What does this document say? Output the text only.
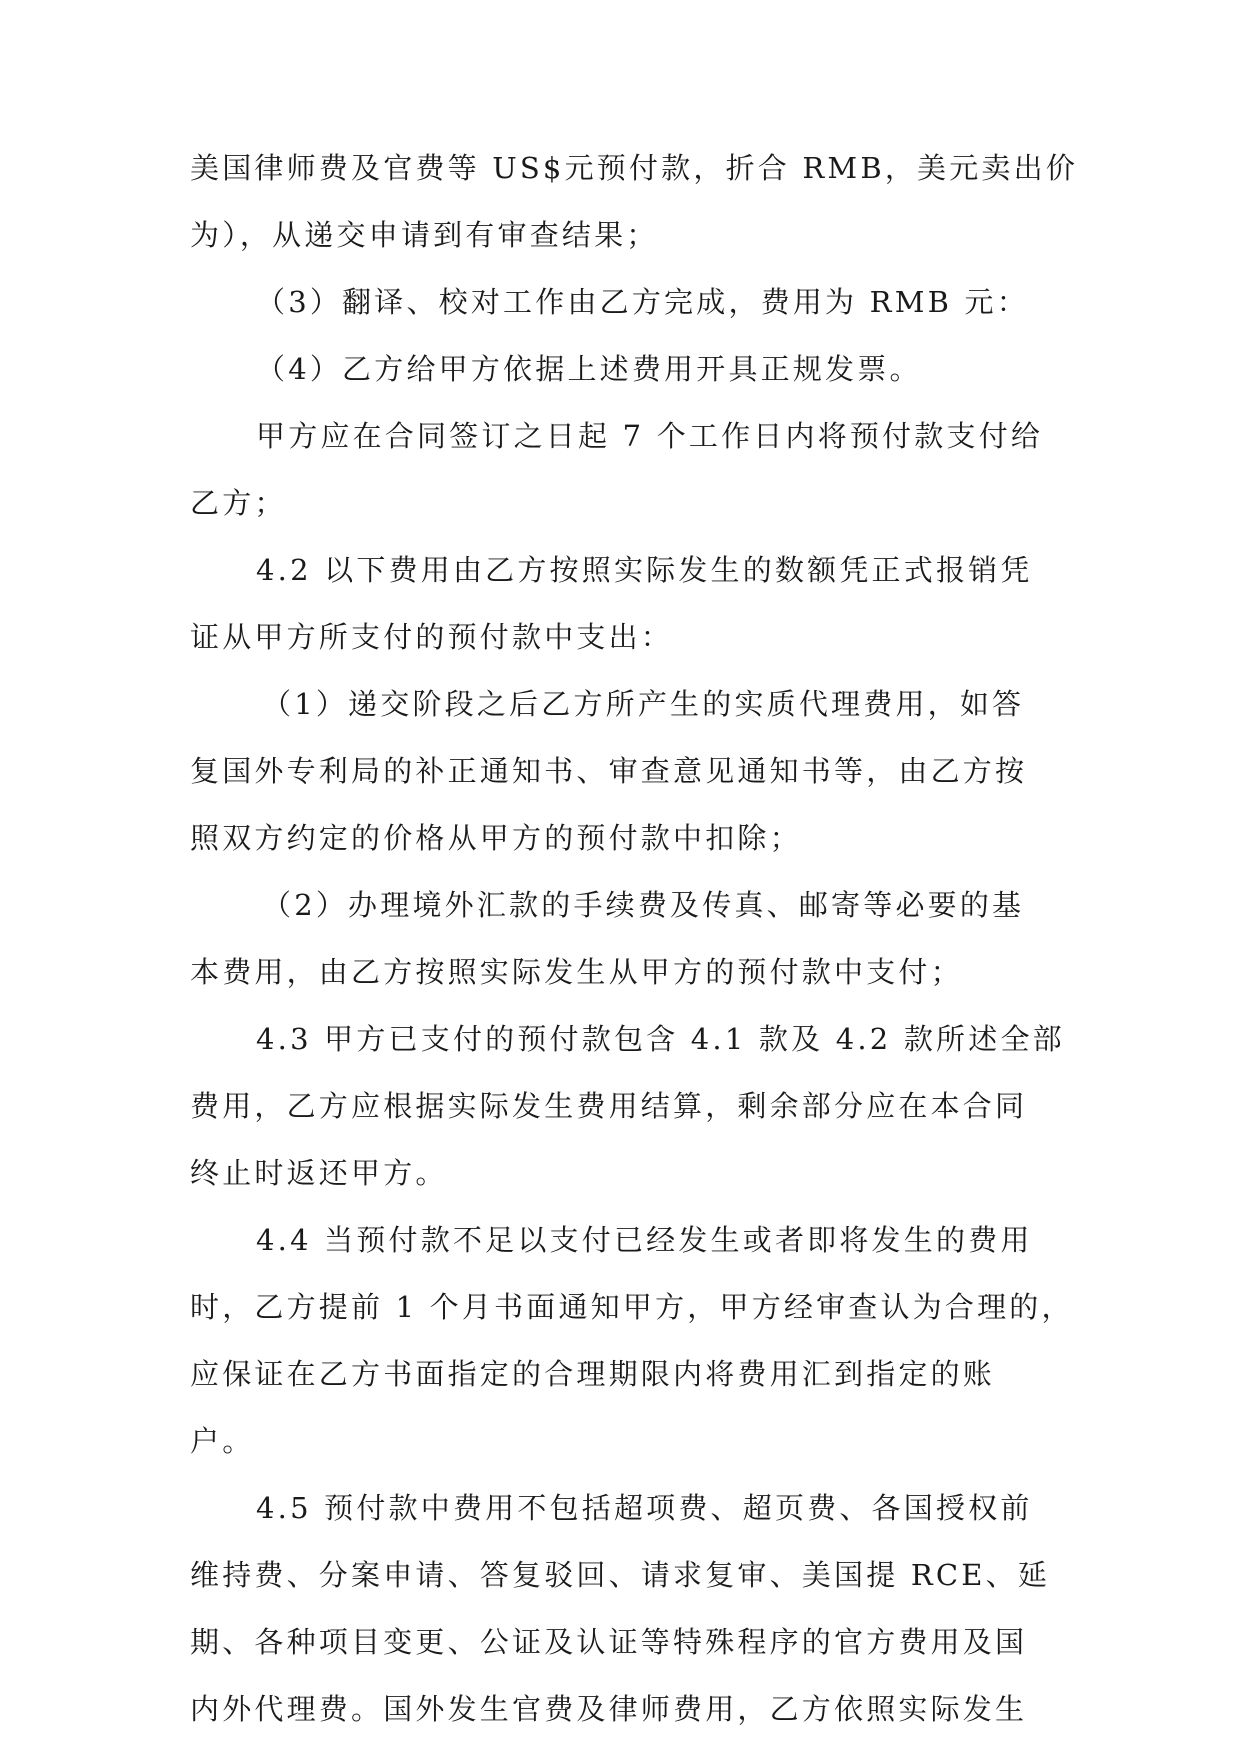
美国律师费及官费等 US$元预付款，折合 RMB，美元卖出价
为），从递交申请到有审查结果；
（3）翻译、校对工作由乙方完成，费用为 RMB 元：
（4）乙方给甲方依据上述费用开具正规发票。
甲方应在合同签订之日起 7 个工作日内将预付款支付给
乙方；
4.2 以下费用由乙方按照实际发生的数额凭正式报销凭
证从甲方所支付的预付款中支出：
（1）递交阶段之后乙方所产生的实质代理费用，如答
复国外专利局的补正通知书、审查意见通知书等，由乙方按
照双方约定的价格从甲方的预付款中扣除；
（2）办理境外汇款的手续费及传真、邮寄等必要的基
本费用，由乙方按照实际发生从甲方的预付款中支付；
4.3 甲方已支付的预付款包含 4.1 款及 4.2 款所述全部
费用，乙方应根据实际发生费用结算，剩余部分应在本合同
终止时返还甲方。
4.4 当预付款不足以支付已经发生或者即将发生的费用
时，乙方提前 1 个月书面通知甲方，甲方经审查认为合理的，
应保证在乙方书面指定的合理期限内将费用汇到指定的账
户。
4.5 预付款中费用不包括超项费、超页费、各国授权前
维持费、分案申请、答复驳回、请求复审、美国提 RCE、延
期、各种项目变更、公证及认证等特殊程序的官方费用及国
内外代理费。国外发生官费及律师费用，乙方依照实际发生
